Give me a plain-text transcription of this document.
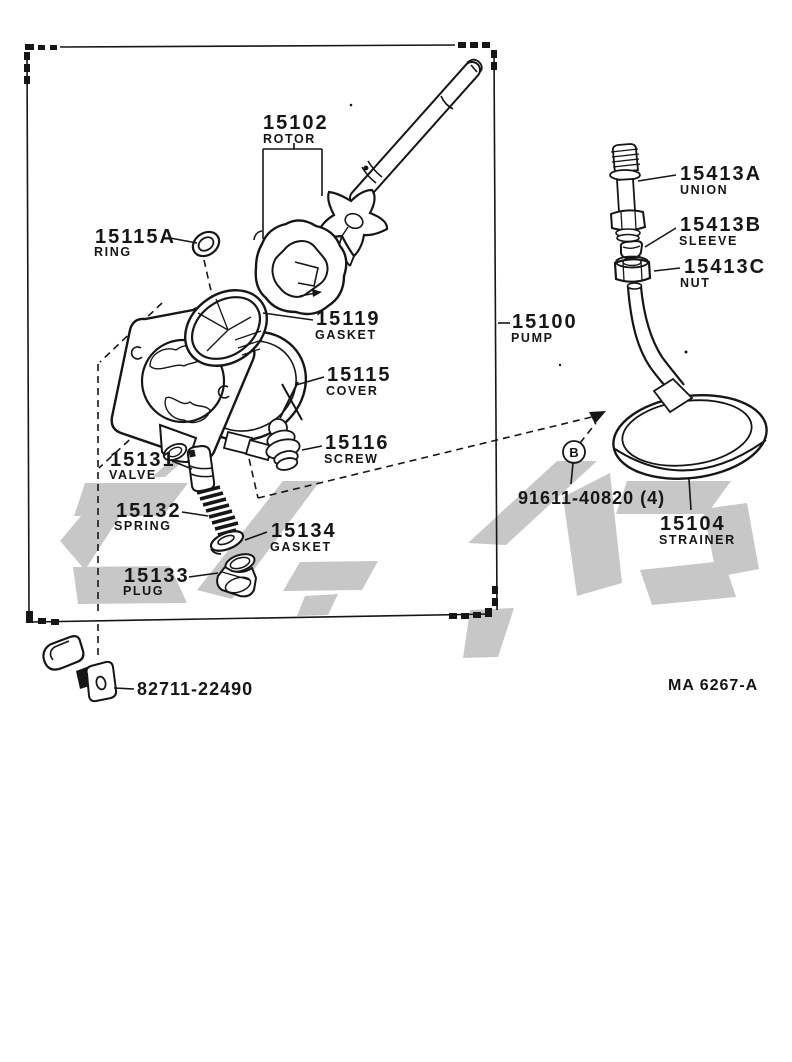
15102
ROTOR
15115A
RING
15119
GASKET
15115
COVER
15116
SCREW
15131
VALVE
15132
SPRING	15134
GASKET
15133
PLUG
15413A
UNION
15413B
SLEEVE
15413C
NUT
15104
STRAINER
15100
PUMP
B
91611-40820 (4)
82711-22490	MA 6267-A
